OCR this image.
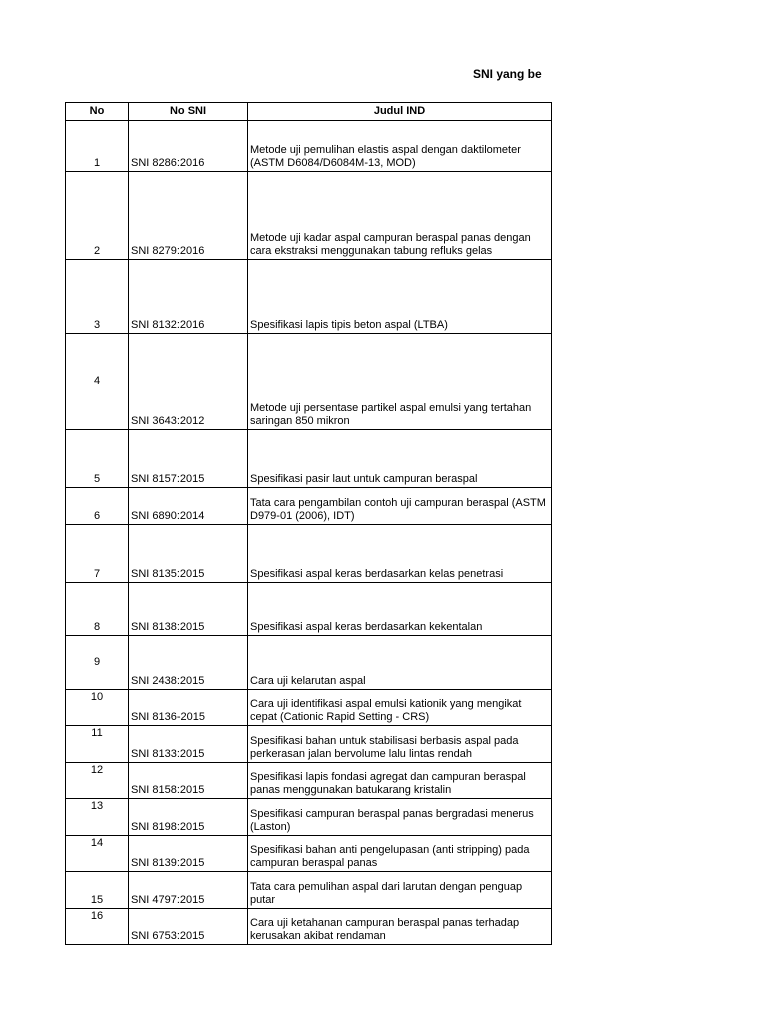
SNI yang be
No	No SNI	Judul IND
1	SNI 8286:2016	Metode uji pemulihan elastis aspal dengan daktilometer (ASTM D6084/D6084M-13, MOD)
2	SNI 8279:2016	Metode uji kadar aspal campuran beraspal panas dengan cara ekstraksi menggunakan tabung refluks gelas
3	SNI 8132:2016	Spesifikasi lapis tipis beton aspal (LTBA)
4	SNI 3643:2012	Metode uji persentase partikel aspal emulsi yang tertahan saringan 850 mikron
5	SNI 8157:2015	Spesifikasi pasir laut untuk campuran beraspal
6	SNI 6890:2014	Tata cara pengambilan contoh uji campuran beraspal (ASTM D979-01 (2006), IDT)
7	SNI 8135:2015	Spesifikasi aspal keras berdasarkan kelas penetrasi
8	SNI 8138:2015	Spesifikasi aspal keras berdasarkan kekentalan
9	SNI 2438:2015	Cara uji kelarutan aspal
10	SNI 8136-2015	Cara uji identifikasi aspal emulsi kationik yang mengikat cepat (Cationic Rapid Setting - CRS)
11	SNI 8133:2015	Spesifikasi bahan untuk stabilisasi berbasis aspal pada perkerasan jalan bervolume lalu lintas rendah
12	SNI 8158:2015	Spesifikasi lapis fondasi agregat dan campuran beraspal panas menggunakan batukarang kristalin
13	SNI 8198:2015	Spesifikasi campuran beraspal panas bergradasi menerus (Laston)
14	SNI 8139:2015	Spesifikasi bahan anti pengelupasan (anti stripping) pada campuran beraspal panas
15	SNI 4797:2015	Tata cara pemulihan aspal dari larutan dengan penguap putar
16	SNI 6753:2015	Cara uji ketahanan campuran beraspal panas terhadap kerusakan akibat rendaman
